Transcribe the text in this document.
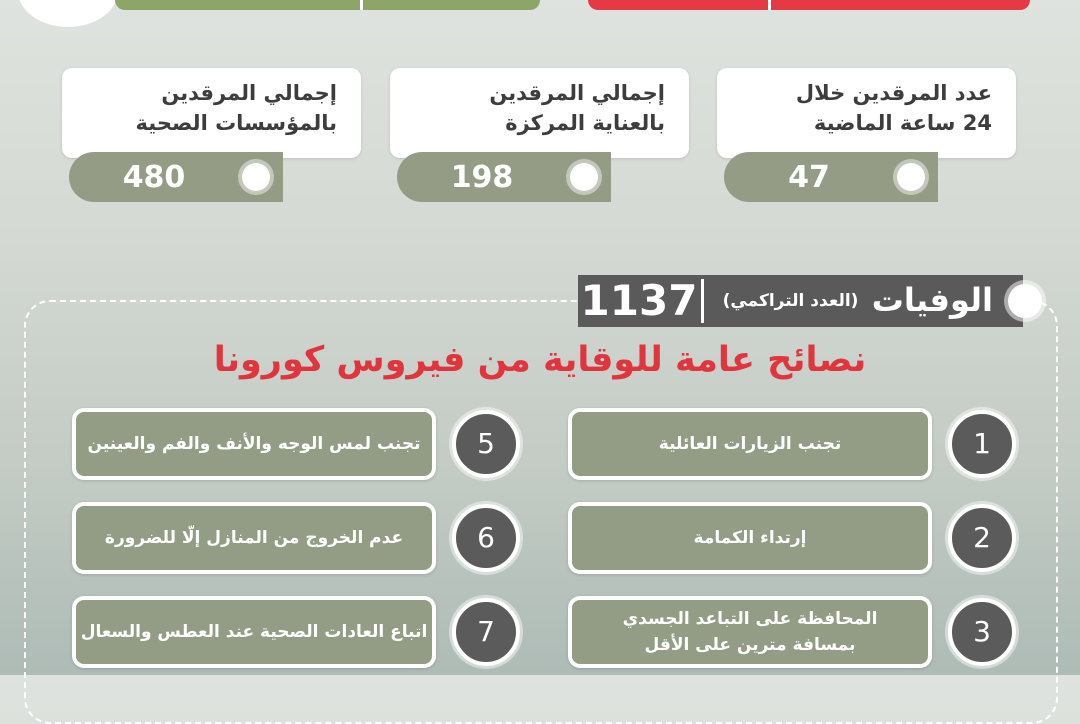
عدد المرقدين خلال 24 ساعة الماضية
47
إجمالي المرقدين بالعناية المركزة
198
إجمالي المرقدين بالمؤسسات الصحية
480
1137	(العدد التراكمي) الوفيات
نصائح عامة للوقاية من فيروس كورونا
تجنب الزيارات العائلية	1
إرتداء الكمامة	2
المحافظة على التباعد الجسدي بمسافة مترين على الأقل	3
تجنب لمس الوجه والأنف والفم والعينين	5
عدم الخروج من المنازل إلّا للضرورة	6
اتباع العادات الصحية عند العطس والسعال	7
